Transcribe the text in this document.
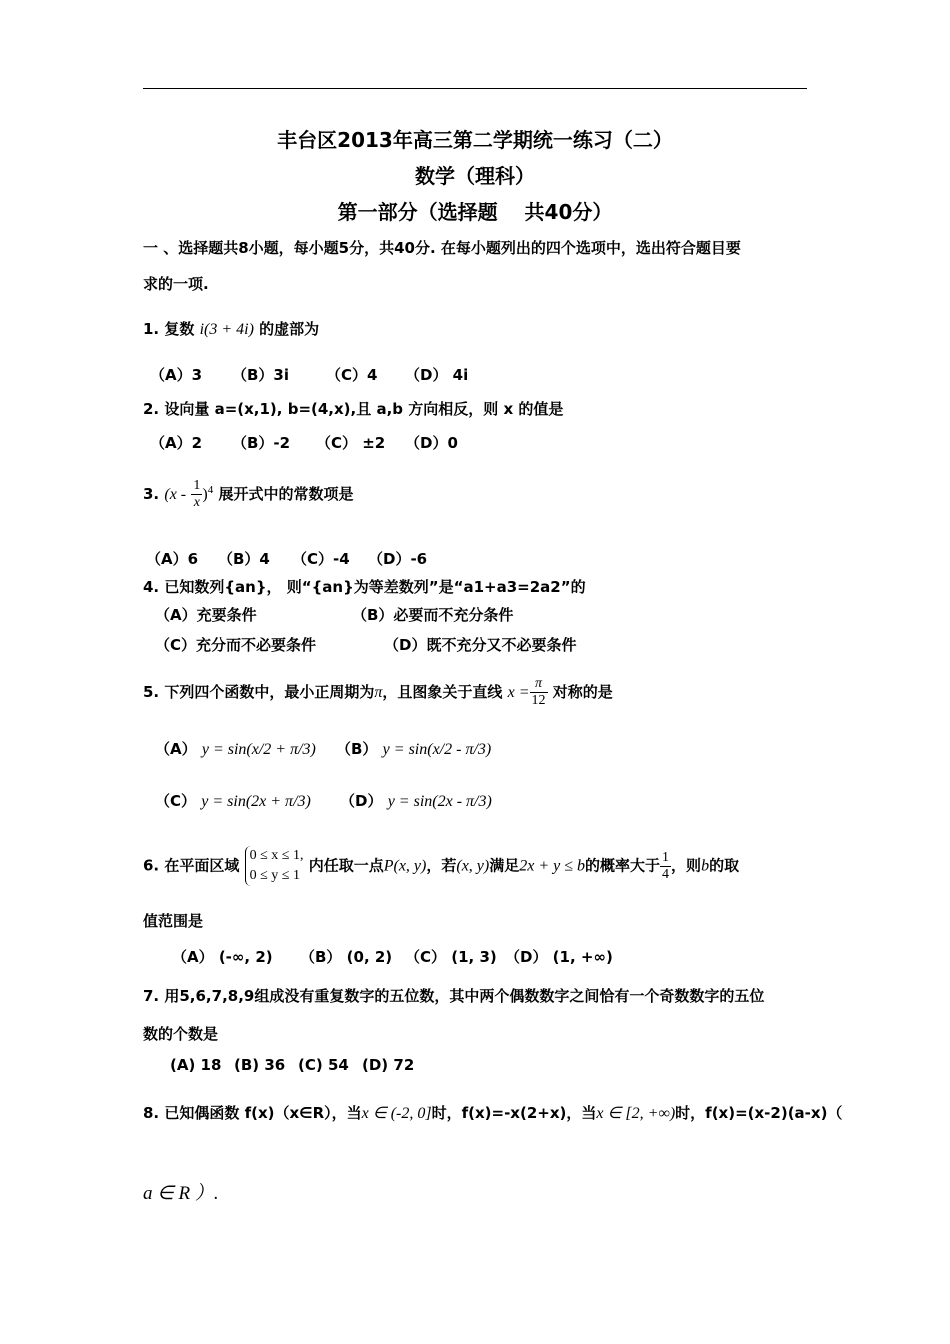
丰台区2013年高三第二学期统一练习（二）
数学（理科）
第一部分（选择题　 共40分）
一 、选择题共8小题，每小题5分，共40分. 在每小题列出的四个选项中，选出符合题目要
求的一项.
1. 复数 i(3 + 4i) 的虚部为
（A）3 （B）3i （C）4 （D） 4i
2. 设向量 a=(x,1), b=(4,x),且 a,b 方向相反，则 x 的值是
（A）2 （B）-2 （C） ±2 （D）0
3. $(x - \frac{1}{x} )^4$ 展开式中的常数项是
（A）6 （B）4 （C）-4 （D）-6
4. 已知数列{an}， 则“{an}为等差数列”是“a1+a3=2a2”的
（A）充要条件	（B）必要而不充分条件
（C）充分而不必要条件	（D）既不充分又不必要条件
5. 下列四个函数中，最小正周期为π，且图象关于直线 $x = \frac{\pi}{12}$ 对称的是
（A） y = sin(x/2 + π/3) （B） y = sin(x/2 - π/3)
（C） y = sin(2x + π/3) （D） y = sin(2x - π/3)
6. 在平面区域
0 ≤ x ≤ 1,
0 ≤ y ≤ 1
内任取一点P(x, y)，若(x, y)满足2x + y ≤ b的概率大于 $\frac{1}{4}$ ，则b的取
值范围是
（A） (-∞, 2) （B） (0, 2) （C） (1, 3) （D） (1, +∞)
7. 用5,6,7,8,9组成没有重复数字的五位数，其中两个偶数数字之间恰有一个奇数数字的五位
数的个数是
(A) 18 (B) 36 (C) 54 (D) 72
8. 已知偶函数 f(x)（x∈R），当x ∈ (-2, 0]时，f(x)=-x(2+x)，当x ∈ [2, +∞)时，f(x)=(x-2)(a-x)（
a ∈ R ）.
